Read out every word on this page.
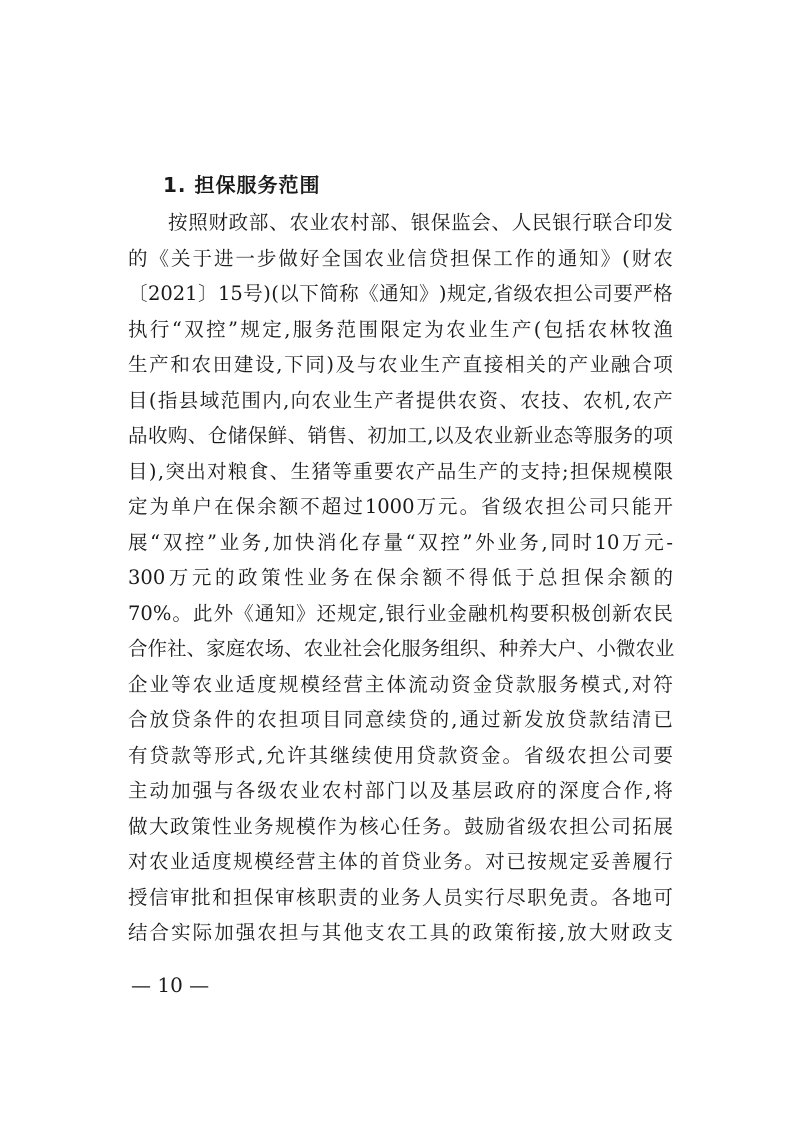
1. 担保服务范围
按 照 财 政 部 、 农 业 农 村 部 、 银 保 监 会 、 人 民 银 行 联 合 印 发
的 《 关 于 进 一 步 做 好 全 国 农 业 信 贷 担 保 工 作 的 通 知 》 ( 财 农
〔 2021 〕 15 号 ) ( 以 下 简 称 《 通 知 》 ) 规 定 , 省 级 农 担 公 司 要 严 格
执 行 “ 双 控 ” 规 定 , 服 务 范 围 限 定 为 农 业 生 产 ( 包 括 农 林 牧 渔
生 产 和 农 田 建 设 , 下 同 ) 及 与 农 业 生 产 直 接 相 关 的 产 业 融 合 项
目 ( 指 县 域 范 围 内 , 向 农 业 生 产 者 提 供 农 资 、 农 技 、 农 机 , 农 产
品 收 购 、 仓 储 保 鲜 、 销 售 、 初 加 工 , 以 及 农 业 新 业 态 等 服 务 的 项
目 ) , 突 出 对 粮 食 、 生 猪 等 重 要 农 产 品 生 产 的 支 持 ; 担 保 规 模 限
定 为 单 户 在 保 余 额 不 超 过 1000 万 元 。 省 级 农 担 公 司 只 能 开
展 “ 双 控 ” 业 务 , 加 快 消 化 存 量 “ 双 控 ” 外 业 务 , 同 时 10 万 元 -
300 万 元 的 政 策 性 业 务 在 保 余 额 不 得 低 于 总 担 保 余 额 的
70% 。 此 外 《 通 知 》 还 规 定 , 银 行 业 金 融 机 构 要 积 极 创 新 农 民
合 作 社 、 家 庭 农 场 、 农 业 社 会 化 服 务 组 织 、 种 养 大 户 、 小 微 农 业
企 业 等 农 业 适 度 规 模 经 营 主 体 流 动 资 金 贷 款 服 务 模 式 , 对 符
合 放 贷 条 件 的 农 担 项 目 同 意 续 贷 的 , 通 过 新 发 放 贷 款 结 清 已
有 贷 款 等 形 式 , 允 许 其 继 续 使 用 贷 款 资 金 。 省 级 农 担 公 司 要
主 动 加 强 与 各 级 农 业 农 村 部 门 以 及 基 层 政 府 的 深 度 合 作 , 将
做 大 政 策 性 业 务 规 模 作 为 核 心 任 务 。 鼓 励 省 级 农 担 公 司 拓 展
对 农 业 适 度 规 模 经 营 主 体 的 首 贷 业 务 。 对 已 按 规 定 妥 善 履 行
授 信 审 批 和 担 保 审 核 职 责 的 业 务 人 员 实 行 尽 职 免 责 。 各 地 可
结 合 实 际 加 强 农 担 与 其 他 支 农 工 具 的 政 策 衔 接 , 放 大 财 政 支
— 10 —
